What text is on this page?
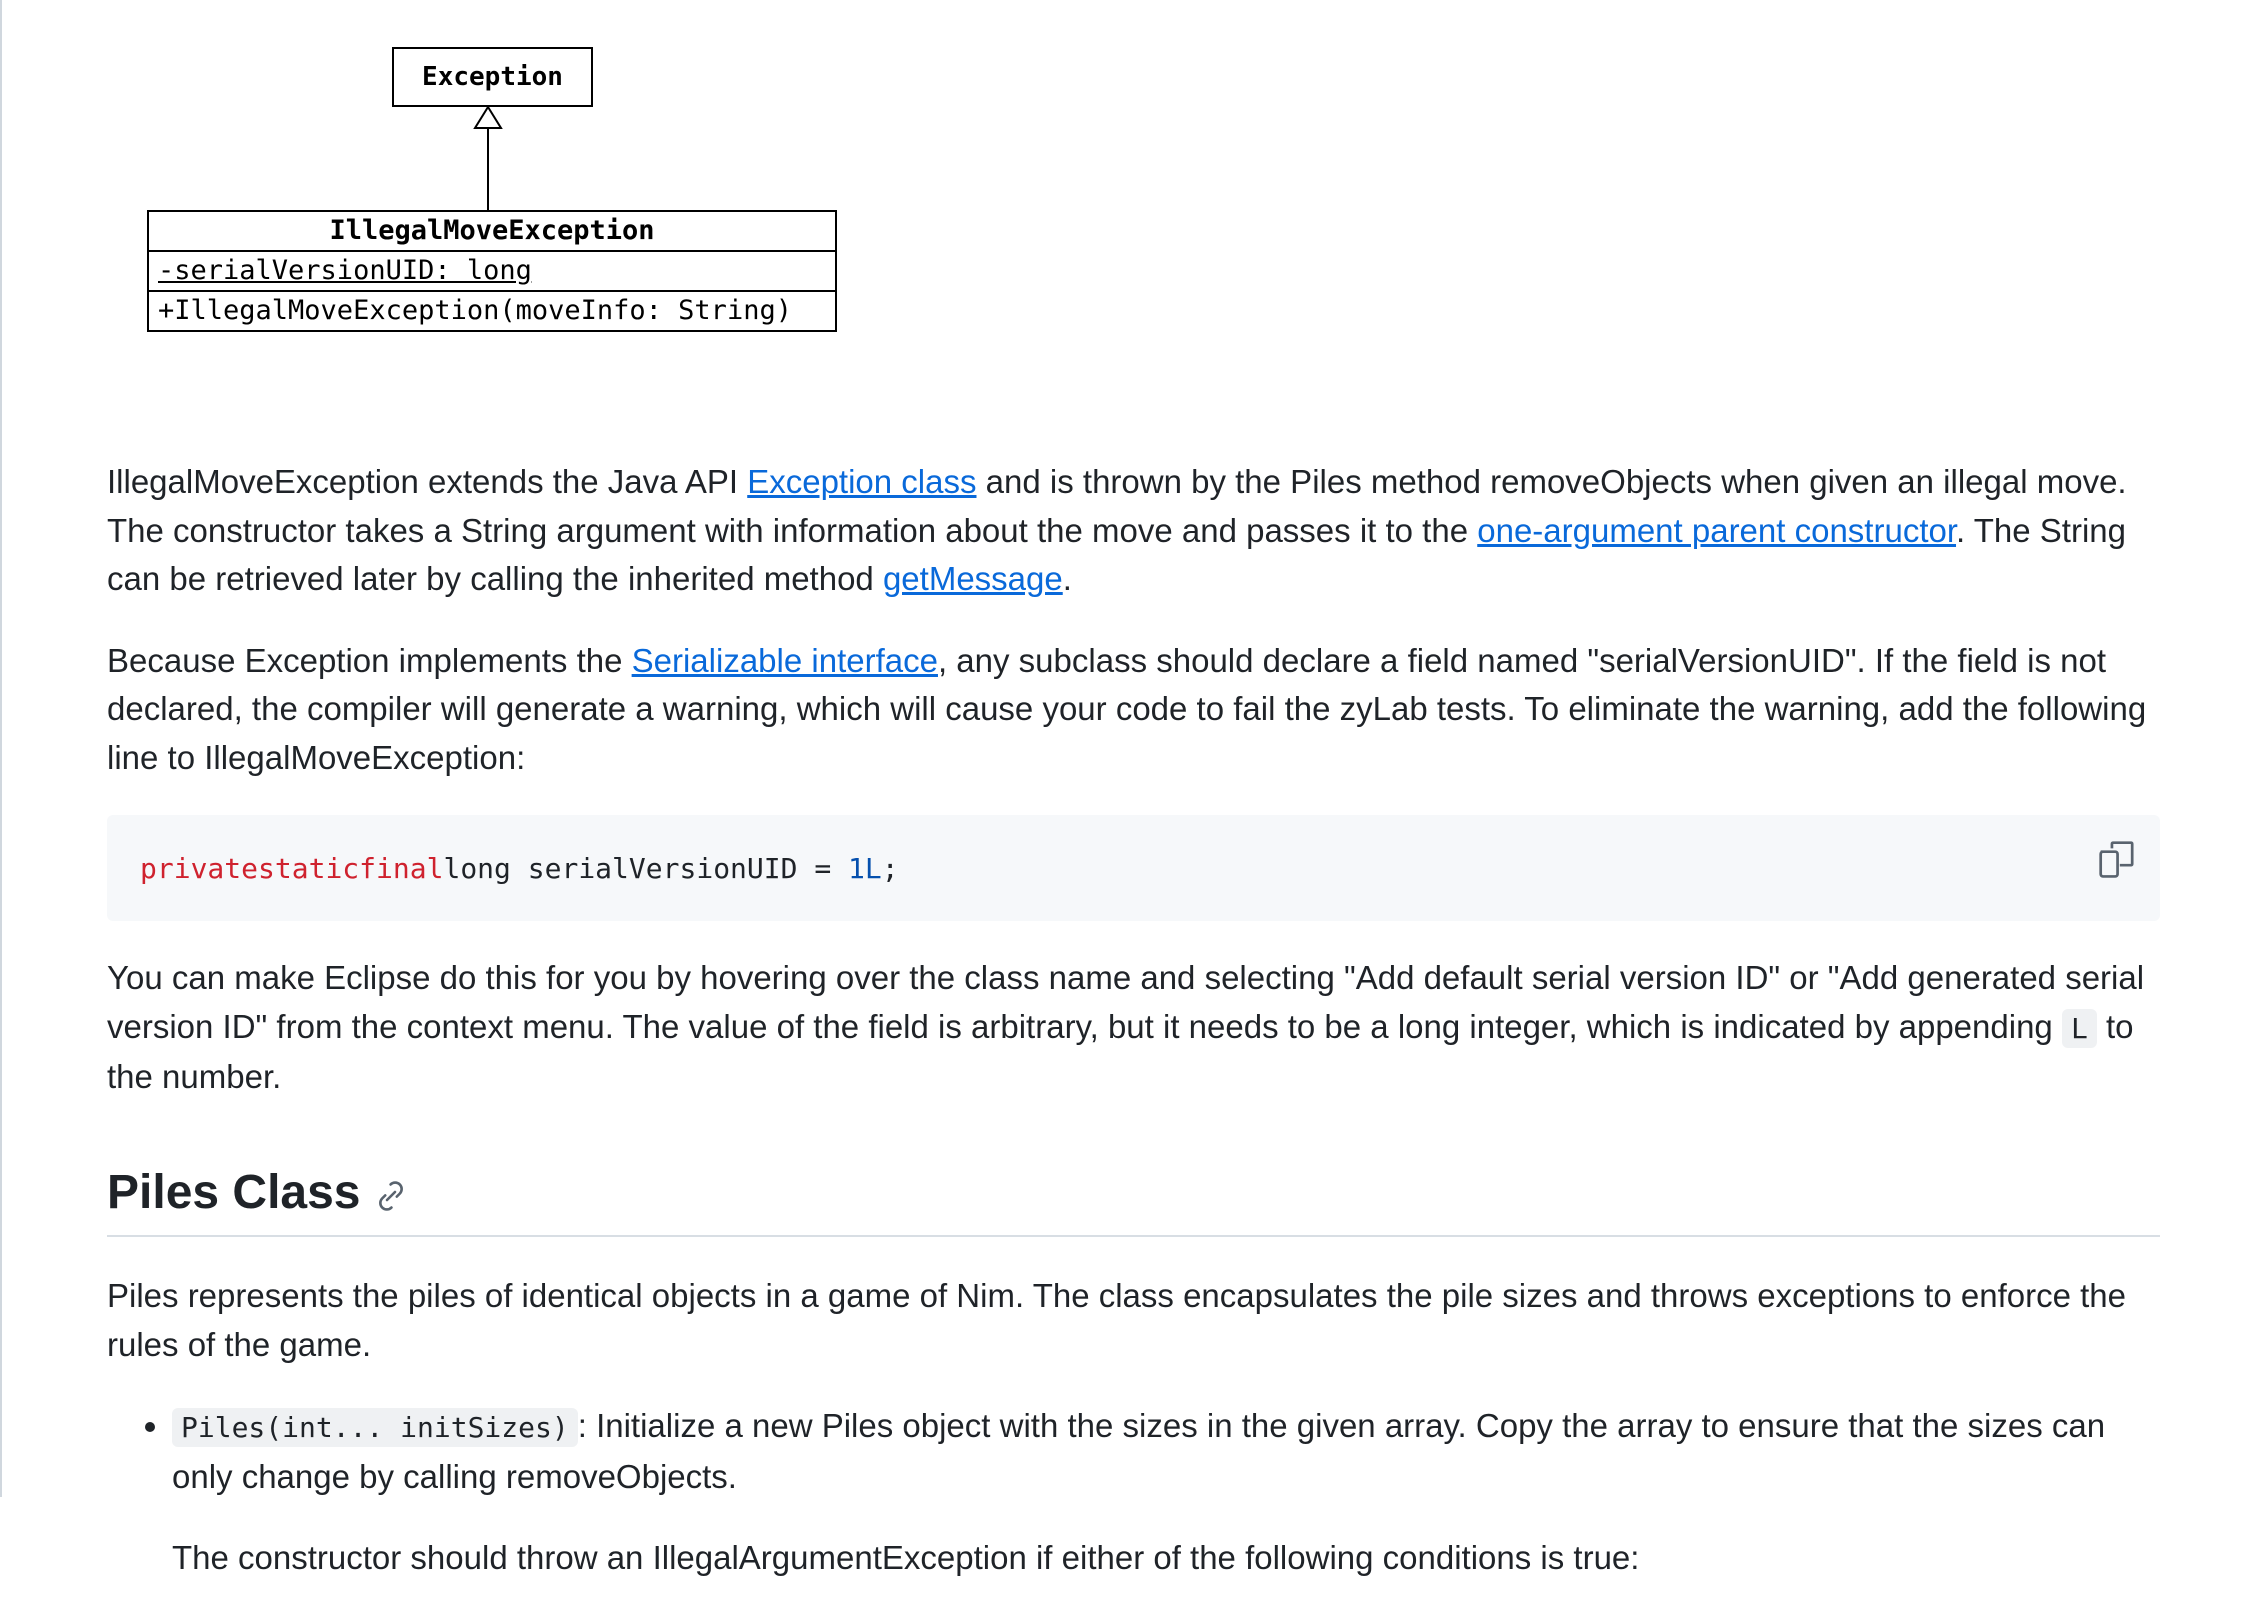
Exception
IllegalMoveException
-serialVersionUID: long
+IllegalMoveException(moveInfo: String)

IllegalMoveException extends the Java API Exception class and is thrown by the Piles method removeObjects when given an illegal move. The constructor takes a String argument with information about the move and passes it to the one-argument parent constructor. The String can be retrieved later by calling the inherited method getMessage.

Because Exception implements the Serializable interface, any subclass should declare a field named "serialVersionUID". If the field is not declared, the compiler will generate a warning, which will cause your code to fail the zyLab tests. To eliminate the warning, add the following line to IllegalMoveException:

private static final long serialVersionUID = 1L ;

You can make Eclipse do this for you by hovering over the class name and selecting "Add default serial version ID" or "Add generated serial version ID" from the context menu. The value of the field is arbitrary, but it needs to be a long integer, which is indicated by appending L to the number.

Piles Class

Piles represents the piles of identical objects in a game of Nim. The class encapsulates the pile sizes and throws exceptions to enforce the rules of the game.

• Piles(int... initSizes) : Initialize a new Piles object with the sizes in the given array. Copy the array to ensure that the sizes can only change by calling removeObjects.

The constructor should throw an IllegalArgumentException if either of the following conditions is true:
